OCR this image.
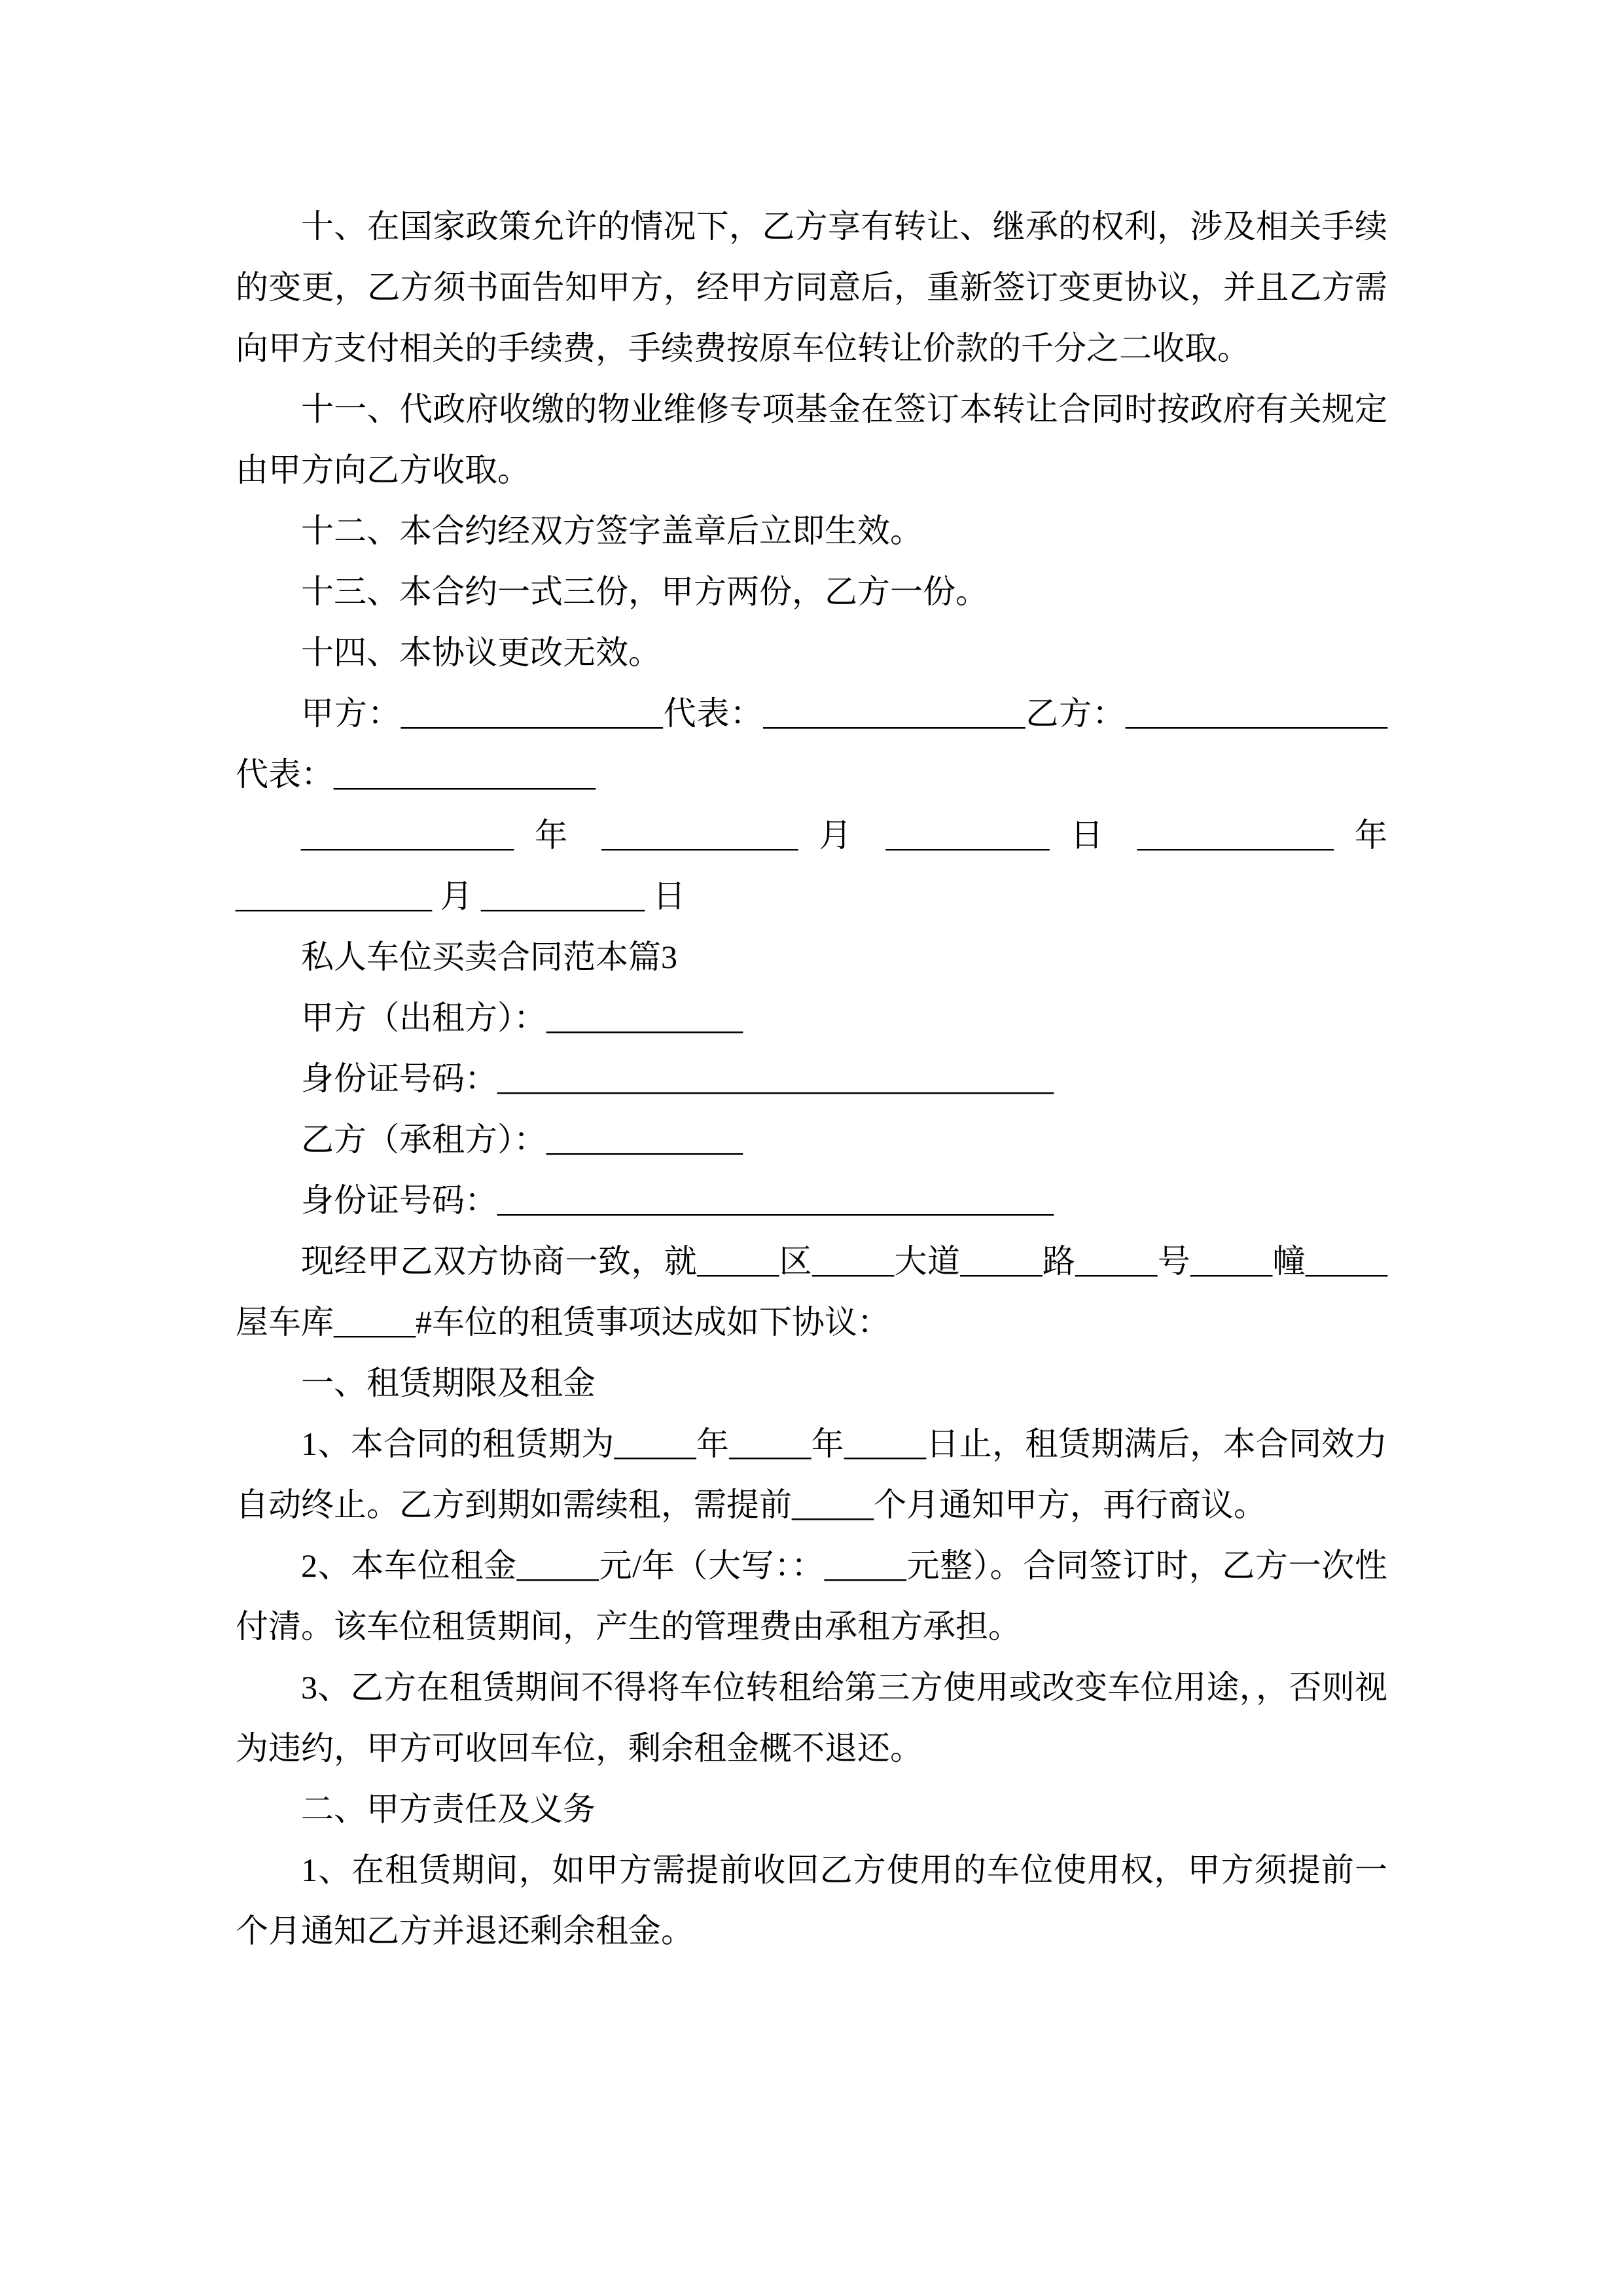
十、在国家政策允许的情况下，乙方享有转让、继承的权利，涉及相关手续的变更，乙方须书面告知甲方，经甲方同意后，重新签订变更协议，并且乙方需向甲方支付相关的手续费，手续费按原车位转让价款的千分之二收取。

十一、代政府收缴的物业维修专项基金在签订本转让合同时按政府有关规定由甲方向乙方收取。

十二、本合约经双方签字盖章后立即生效。

十三、本合约一式三份，甲方两份，乙方一份。

十四、本协议更改无效。

甲方：________________代表：________________乙方：________________代表：________________

_____________ 年 ____________ 月 __________ 日 ____________ 年 ____________ 月 __________ 日

私人车位买卖合同范本篇3

甲方（出租方）：____________

身份证号码：__________________________________

乙方（承租方）：____________

身份证号码：__________________________________

现经甲乙双方协商一致，就_____区_____大道_____路_____号_____幢_____屋车库_____#车位的租赁事项达成如下协议：

一、租赁期限及租金

1、本合同的租赁期为_____年_____年_____日止，租赁期满后，本合同效力自动终止。乙方到期如需续租，需提前_____个月通知甲方，再行商议。

2、本车位租金_____元/年（大写：：_____元整）。合同签订时，乙方一次性付清。该车位租赁期间，产生的管理费由承租方承担。

3、乙方在租赁期间不得将车位转租给第三方使用或改变车位用途，，否则视为违约，甲方可收回车位，剩余租金概不退还。

二、甲方责任及义务

1、在租赁期间，如甲方需提前收回乙方使用的车位使用权，甲方须提前一个月通知乙方并退还剩余租金。
